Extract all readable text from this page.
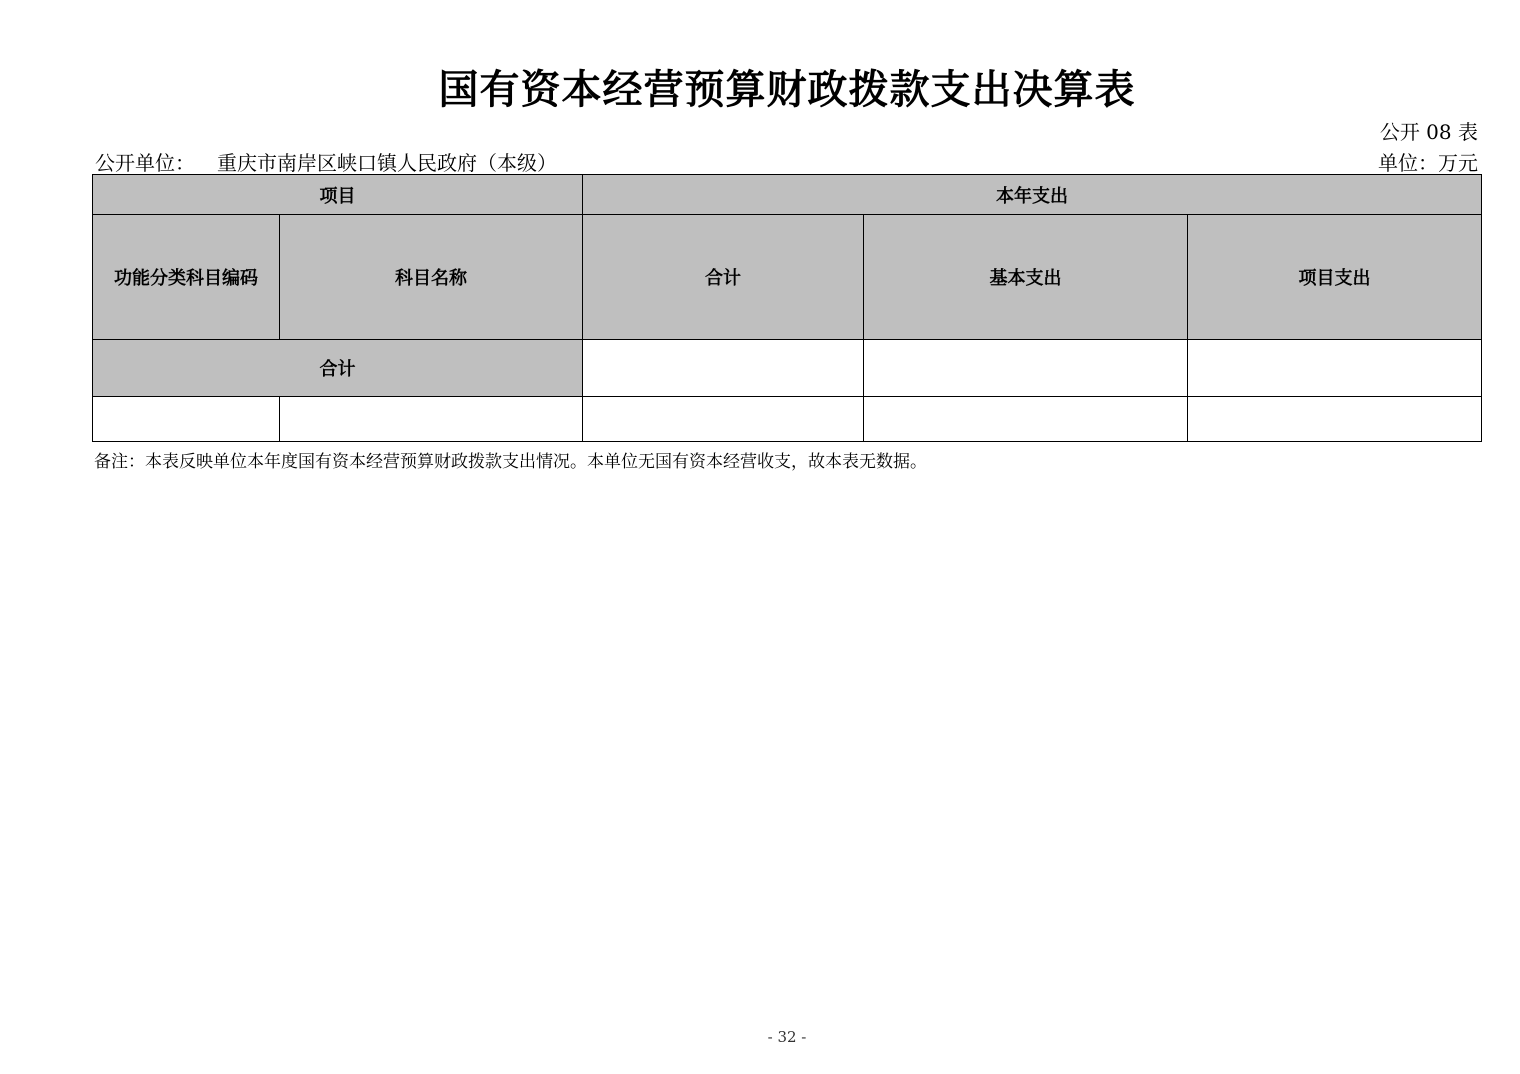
国有资本经营预算财政拨款支出决算表
公开 08 表
公开单位： 重庆市南岸区峡口镇人民政府（本级）	单位：万元
项目		本年支出		
功能分类科目编码	科目名称	合计	基本支出	项目支出
合计				

备注：本表反映单位本年度国有资本经营预算财政拨款支出情况。本单位无国有资本经营收支，故本表无数据。
- 32 -
